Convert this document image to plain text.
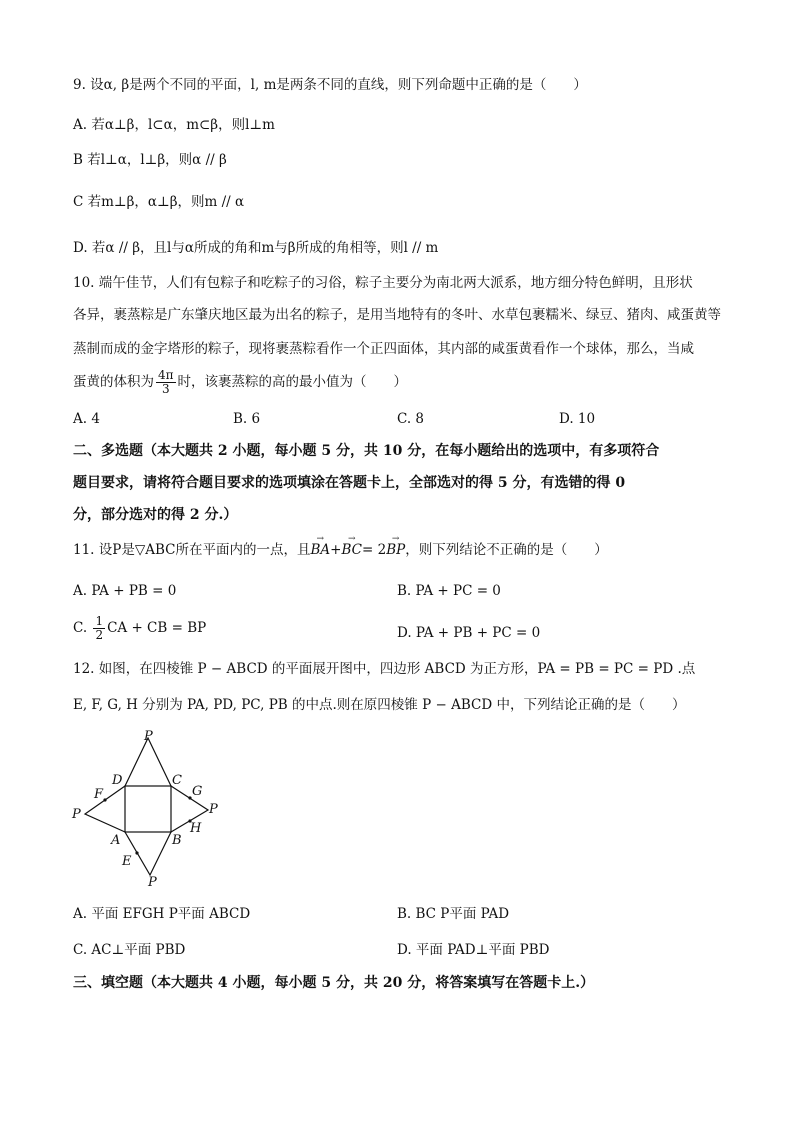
9. 设α, β是两个不同的平面，l, m是两条不同的直线，则下列命题中正确的是（　　）
A. 若α⊥β，l⊂α，m⊂β，则l⊥m
B 若l⊥α，l⊥β，则α // β
C 若m⊥β，α⊥β，则m // α
D. 若α // β，且l与α所成的角和m与β所成的角相等，则l // m
10. 端午佳节，人们有包粽子和吃粽子的习俗，粽子主要分为南北两大派系，地方细分特色鲜明，且形状
各异，裹蒸粽是广东肇庆地区最为出名的粽子，是用当地特有的冬叶、水草包裹糯米、绿豆、猪肉、咸蛋黄等
蒸制而成的金字塔形的粽子，现将裹蒸粽看作一个正四面体，其内部的咸蛋黄看作一个球体，那么，当咸
蛋黄的体积为 $\frac{4\pi}{3}$ 时，该裹蒸粽的高的最小值为（　　）
A. 4	B. 6	C. 8	D. 10
二、多选题（本大题共 2 小题，每小题 5 分，共 10 分，在每小题给出的选项中，有多项符合
题目要求，请将符合题目要求的选项填涂在答题卡上，全部选对的得 5 分，有选错的得 0
分，部分选对的得 2 分.）
11. 设P是▽ABC所在平面内的一点，且→ BA+→ BC= 2→ BP，则下列结论不正确的是（　　）
A. PA + PB = 0	B. PA + PC = 0
C. $\frac{1}{2}$ CA + CB = BP	D. PA + PB + PC = 0
12. 如图，在四棱锥 P − ABCD 的平面展开图中，四边形 ABCD 为正方形，PA = PB = PC = PD .点
E, F, G, H 分别为 PA, PD, PC, PB 的中点.则在原四棱锥 P − ABCD 中，下列结论正确的是（　　）
P
P	P
P
D	C
A	B
F	G
H
E
A. 平面 EFGH P平面 ABCD	B. BC P平面 PAD
C. AC⊥平面 PBD	D. 平面 PAD⊥平面 PBD
三、填空题（本大题共 4 小题，每小题 5 分，共 20 分，将答案填写在答题卡上.）
